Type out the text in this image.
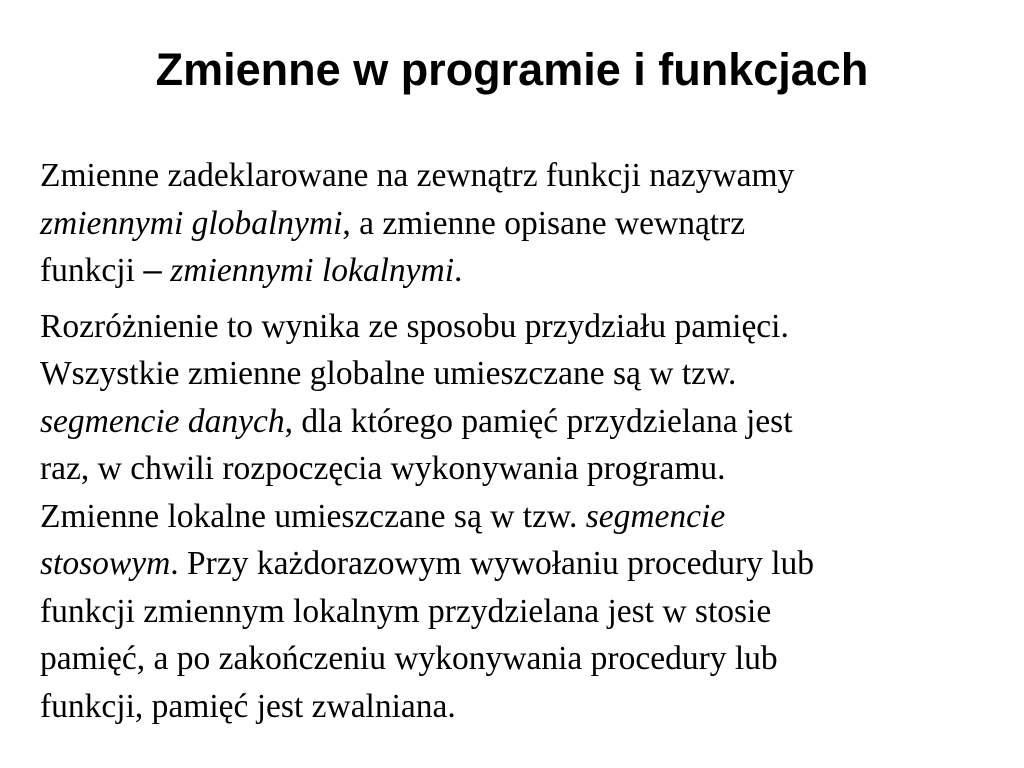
Zmienne w programie i funkcjach

Zmienne zadeklarowane na zewnątrz funkcji nazywamy
zmiennymi globalnymi, a zmienne opisane wewnątrz
funkcji – zmiennymi lokalnymi.

Rozróżnienie to wynika ze sposobu przydziału pamięci.
Wszystkie zmienne globalne umieszczane są w tzw.
segmencie danych, dla którego pamięć przydzielana jest
raz, w chwili rozpoczęcia wykonywania programu.
Zmienne lokalne umieszczane są w tzw. segmencie
stosowym. Przy każdorazowym wywołaniu procedury lub
funkcji zmiennym lokalnym przydzielana jest w stosie
pamięć, a po zakończeniu wykonywania procedury lub
funkcji, pamięć jest zwalniana.
